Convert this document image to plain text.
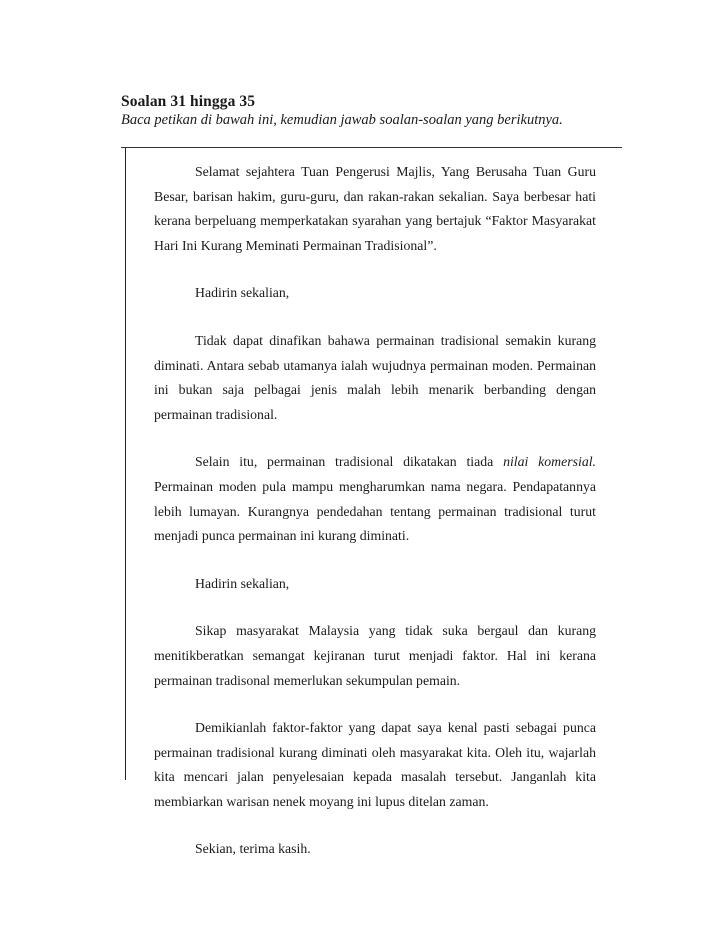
Soalan 31 hingga 35
Baca petikan di bawah ini, kemudian jawab soalan-soalan yang berikutnya.

Selamat sejahtera Tuan Pengerusi Majlis, Yang Berusaha Tuan Guru Besar, barisan hakim, guru-guru, dan rakan-rakan sekalian. Saya berbesar hati kerana berpeluang memperkatakan syarahan yang bertajuk “Faktor Masyarakat Hari Ini Kurang Meminati Permainan Tradisional”.

Hadirin sekalian,

Tidak dapat dinafikan bahawa permainan tradisional semakin kurang diminati. Antara sebab utamanya ialah wujudnya permainan moden. Permainan ini bukan saja pelbagai jenis malah lebih menarik berbanding dengan permainan tradisional.

Selain itu, permainan tradisional dikatakan tiada nilai komersial. Permainan moden pula mampu mengharumkan nama negara. Pendapatannya lebih lumayan. Kurangnya pendedahan tentang permainan tradisional turut menjadi punca permainan ini kurang diminati.

Hadirin sekalian,

Sikap masyarakat Malaysia yang tidak suka bergaul dan kurang menitikberatkan semangat kejiranan turut menjadi faktor. Hal ini kerana permainan tradisonal memerlukan sekumpulan pemain.

Demikianlah faktor-faktor yang dapat saya kenal pasti sebagai punca permainan tradisional kurang diminati oleh masyarakat kita. Oleh itu, wajarlah kita mencari jalan penyelesaian kepada masalah tersebut. Janganlah kita membiarkan warisan nenek moyang ini lupus ditelan zaman.

Sekian, terima kasih.
